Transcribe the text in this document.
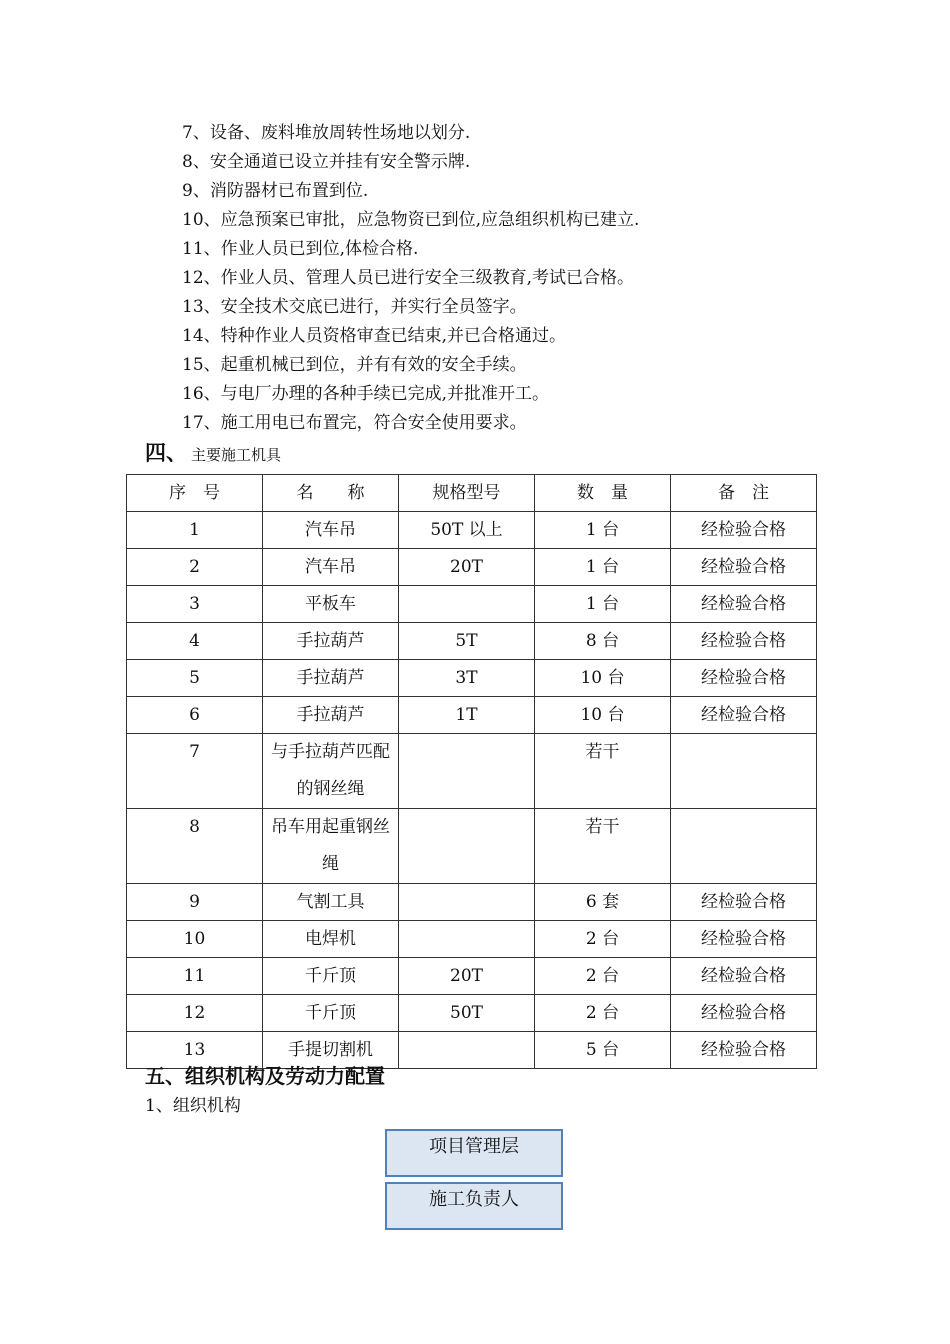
7、设备、废料堆放周转性场地以划分.
8、安全通道已设立并挂有安全警示牌.
9、消防器材已布置到位.
10、应急预案已审批，应急物资已到位,应急组织机构已建立.
11、作业人员已到位,体检合格.
12、作业人员、管理人员已进行安全三级教育,考试已合格。
13、安全技术交底已进行，并实行全员签字。
14、特种作业人员资格审查已结束,并已合格通过。
15、起重机械已到位，并有有效的安全手续。
16、与电厂办理的各种手续已完成,并批准开工。
17、施工用电已布置完，符合安全使用要求。
四、 主要施工机具
序　号	名　　称	规格型号	数　量	备　注
1	汽车吊	50T 以上	1 台	经检验合格
2	汽车吊	20T	1 台	经检验合格
3	平板车		1 台	经检验合格
4	手拉葫芦	5T	8 台	经检验合格
5	手拉葫芦	3T	10 台	经检验合格
6	手拉葫芦	1T	10 台	经检验合格
7	与手拉葫芦匹配的钢丝绳		若干	
8	吊车用起重钢丝绳		若干	
9	气割工具		6 套	经检验合格
10	电焊机		2 台	经检验合格
11	千斤顶	20T	2 台	经检验合格
12	千斤顶	50T	2 台	经检验合格
13	手提切割机		5 台	经检验合格
五、组织机构及劳动力配置
1、组织机构
项目管理层
施工负责人
